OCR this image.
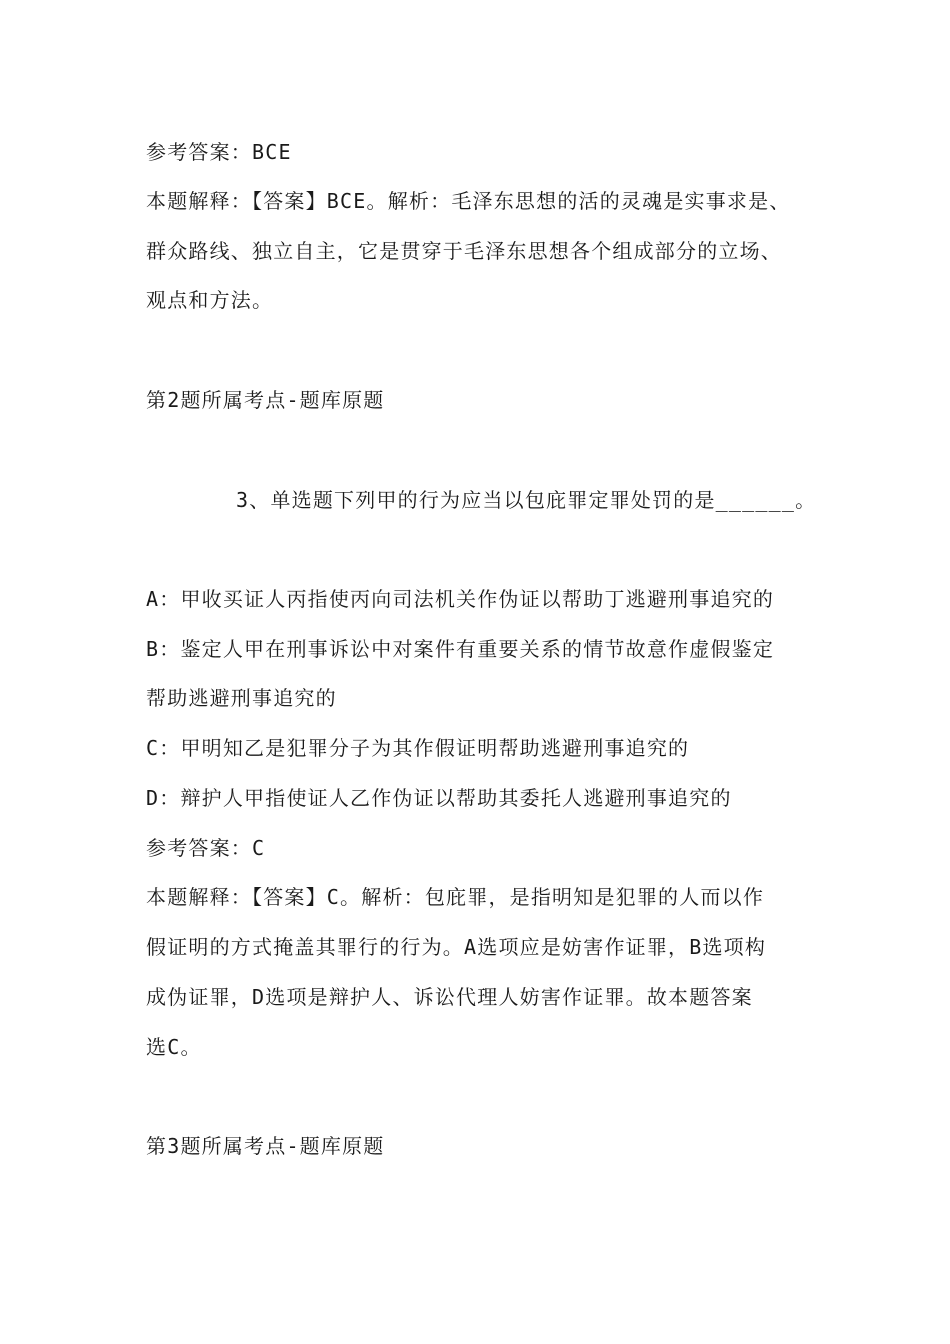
参考答案：BCE
本题解释：【答案】BCE。解析：毛泽东思想的活的灵魂是实事求是、
群众路线、独立自主，它是贯穿于毛泽东思想各个组成部分的立场、
观点和方法。
第2题所属考点-题库原题
3、单选题下列甲的行为应当以包庇罪定罪处罚的是______。
A：甲收买证人丙指使丙向司法机关作伪证以帮助丁逃避刑事追究的
B：鉴定人甲在刑事诉讼中对案件有重要关系的情节故意作虚假鉴定
帮助逃避刑事追究的
C：甲明知乙是犯罪分子为其作假证明帮助逃避刑事追究的
D：辩护人甲指使证人乙作伪证以帮助其委托人逃避刑事追究的
参考答案：C
本题解释：【答案】C。解析：包庇罪，是指明知是犯罪的人而以作
假证明的方式掩盖其罪行的行为。A选项应是妨害作证罪，B选项构
成伪证罪，D选项是辩护人、诉讼代理人妨害作证罪。故本题答案
选C。
第3题所属考点-题库原题
